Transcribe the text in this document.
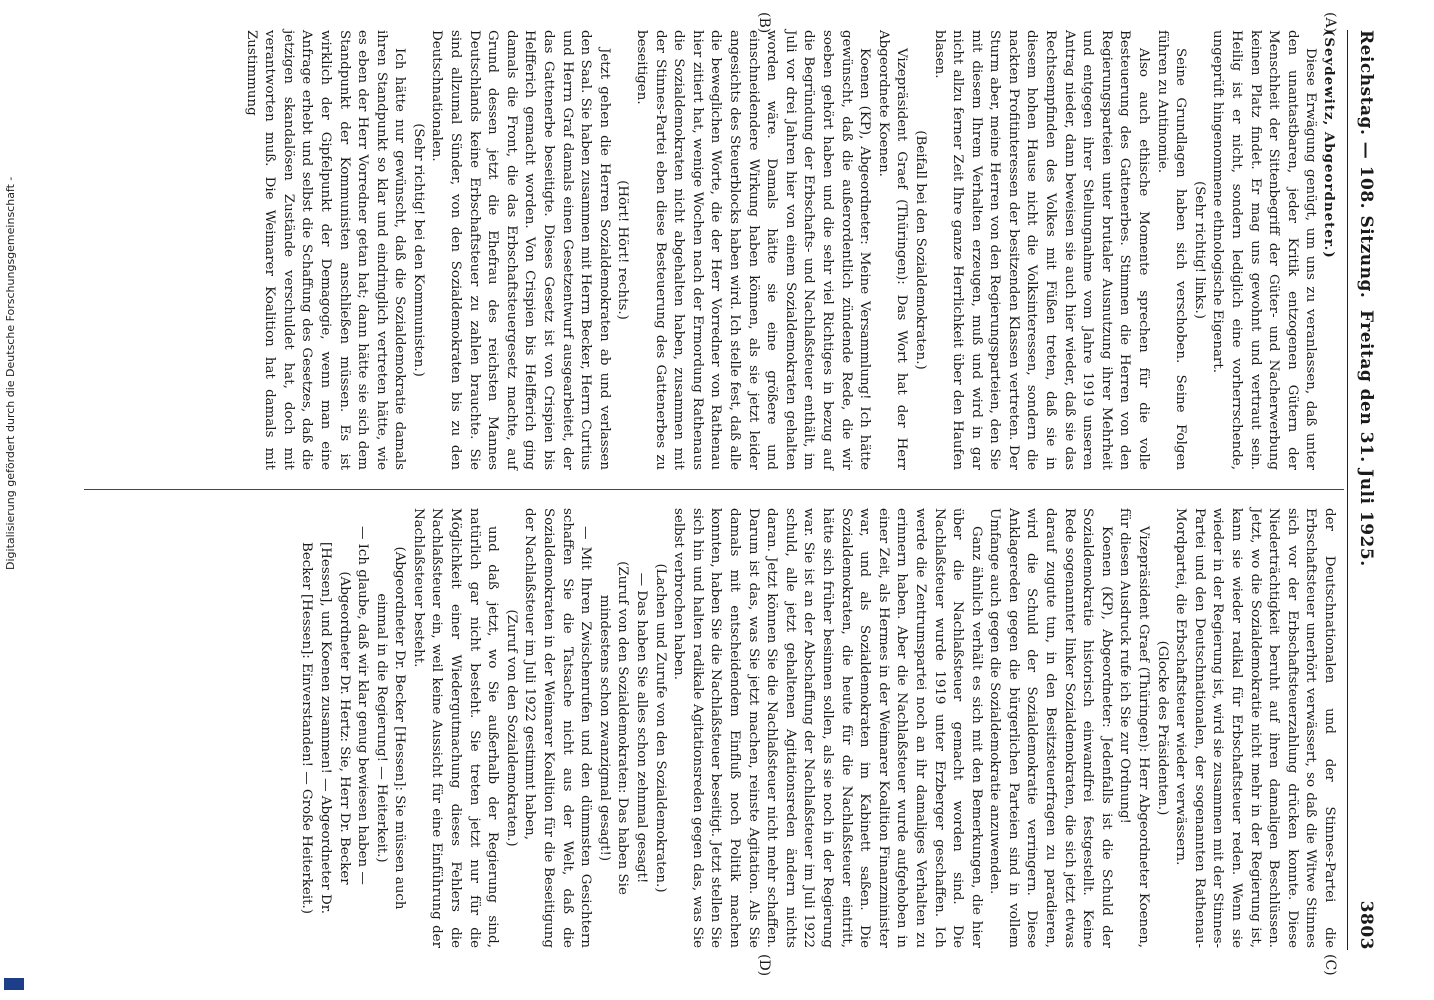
Reichstag. — 108. Sitzung.
Freitag den 31. Juli 1925.
3803
(A)
(B)
(C)
(D)

(Seydewitz, Abgeordneter.)

Diese Erwägung genügt, um uns zu veranlassen, daß unter den unantastbaren, jeder Kritik entzogenen Gütern der Menschheit der Sittenbegriff der Güter- und Nacherwerbung keinen Platz findet. Er mag uns gewohnt und vertraut sein. Heilig ist er nicht, sondern lediglich eine vorherrschende, ungeprüft hingenommene ethnologische Eigenart.

(Sehr richtig! links.)

Seine Grundlagen haben sich verschoben. Seine Folgen führen zu Antinomie.

Also auch ethische Momente sprechen für die volle Besteuerung des Gattenerbes. Stimmen die Herren von den Regierungsparteien unter brutaler Ausnutzung ihrer Mehrheit und entgegen ihrer Stellungnahme vom Jahre 1919 unseren Antrag nieder, dann beweisen sie auch hier wieder, daß sie das Rechtsempfinden des Volkes mit Füßen treten, daß sie in diesem hohen Hause nicht die Volksinteressen, sondern die nackten Profitinteressen der besitzenden Klassen vertreten. Der Sturm aber, meine Herren von den Regierungsparteien, den Sie mit diesem Ihrem Verhalten erzeugen, muß und wird in gar nicht allzu ferner Zeit Ihre ganze Herrlichkeit über den Haufen blasen.

(Beifall bei den Sozialdemokraten.)

Vizepräsident Graef (Thüringen): Das Wort hat der Herr Abgeordnete Koenen.

Koenen (KP), Abgeordneter: Meine Versammlung! Ich hätte gewünscht, daß die außerordentlich zündende Rede, die wir soeben gehört haben und die sehr viel Richtiges in bezug auf die Begründung der Erbschafts- und Nachlaßsteuer enthält, im Juli vor drei Jahren hier von einem Sozialdemokraten gehalten worden wäre. Damals hätte sie eine größere und einschneidendere Wirkung haben können, als sie jetzt leider angesichts des Steuerblocks haben wird. Ich stelle fest, daß alle die beweglichen Worte, die der Herr Vorredner von Rathenau hier zitiert hat, wenige Wochen nach der Ermordung Rathenaus die Sozialdemokraten nicht abgehalten haben, zusammen mit der Stinnes-Partei eben diese Besteuerung des Gattenerbes zu beseitigen.

(Hört! Hört! rechts.)

Jetzt gehen die Herren Sozialdemokraten ab und verlassen den Saal. Sie haben zusammen mit Herrn Becker, Herrn Curtius und Herrn Graf damals einen Gesetzentwurf ausgearbeitet, der das Gattenerbe beseitigte. Dieses Gesetz ist von Crispien bis Helfferich gemacht worden. Von Crispien bis Helfferich ging damals die Front, die das Erbschaftsteuergesetz machte, auf Grund dessen jetzt die Ehefrau des reichsten Mannes Deutschlands keine Erbschaftsteuer zu zahlen brauchte. Sie sind allzumal Sünder, von den Sozialdemokraten bis zu den Deutschnationalen.

(Sehr richtig! bei den Kommunisten.)

Ich hätte nur gewünscht, daß die Sozialdemokratie damals ihren Standpunkt so klar und eindringlich vertreten hätte, wie es eben der Herr Vorredner getan hat; dann hätte sie sich dem Standpunkt der Kommunisten anschließen müssen. Es ist wirklich der Gipfelpunkt der Demagogie, wenn man eine Anfrage erhebt und selbst die Schaffung des Gesetzes, daß die jetzigen skandalösen Zustände verschuldet hat, doch mit verantworten muß. Die Weimarer Koalition hat damals mit Zustimmung

der Deutschnationalen und der Stinnes-Partei die Erbschaftsteuer unerhört verwässert, so daß die Witwe Stinnes sich vor der Erbschaftsteuerzahlung drücken konnte. Diese Niederträchtigkeit beruht auf ihren damaligen Beschlüssen. Jetzt, wo die Sozialdemokratie nicht mehr in der Regierung ist, kann sie wieder radikal für Erbschaftsteuer reden. Wenn sie wieder in der Regierung ist, wird sie zusammen mit der Stinnes-Partei und den Deutschnationalen, der sogenannten Rathenau-Mordpartei, die Erbschaftsteuer wieder verwässern.

(Glocke des Präsidenten.)

Vizepräsident Graef (Thüringen): Herr Abgeordneter Koenen, für diesen Ausdruck rufe ich Sie zur Ordnung!

Koenen (KP), Abgeordneter: Jedenfalls ist die Schuld der Sozialdemokratie historisch einwandfrei festgestellt. Keine Rede sogenannter linker Sozialdemokraten, die sich jetzt etwas darauf zugute tun, in den Besitzsteuerfragen zu paradieren, wird die Schuld der Sozialdemokratie verringern. Diese Anklagereden gegen die bürgerlichen Parteien sind in vollem Umfange auch gegen die Sozialdemokratie anzuwenden.

Ganz ähnlich verhält es sich mit den Bemerkungen, die hier über die Nachlaßsteuer gemacht worden sind. Die Nachlaßsteuer wurde 1919 unter Erzberger geschaffen. Ich werde die Zentrumspartei noch an ihr damaliges Verhalten zu erinnern haben. Aber die Nachlaßsteuer wurde aufgehoben in einer Zeit, als Hermes in der Weimarer Koalition Finanzminister war, und als Sozialdemokraten im Kabinett saßen. Die Sozialdemokraten, die heute für die Nachlaßsteuer eintritt, hätte sich früher besinnen sollen, als sie noch in der Regierung war. Sie ist an der Abschaffung der Nachlaßsteuer im Juli 1922 schuld, alle jetzt gehaltenen Agitationsreden ändern nichts daran. Jetzt können Sie die Nachlaßsteuer nicht mehr schaffen. Darum ist das, was Sie jetzt machen, reinste Agitation. Als Sie damals mit entscheidendem Einfluß noch Politik machen konnten, haben Sie die Nachlaßsteuer beseitigt. Jetzt stellen Sie sich hin und halten radikale Agitationsreden gegen das, was Sie selbst verbrochen haben.

(Lachen und Zurufe von den Sozialdemokraten.)

— Das haben Sie alles schon zehnmal gesagt!

(Zuruf von den Sozialdemokraten: Das haben Sie mindestens schon zwanzigmal gesagt!)

— Mit Ihren Zwischenrufen und den dümmsten Gesichtern schaffen Sie die Tatsache nicht aus der Welt, daß die Sozialdemokraten in der Weimarer Koalition für die Beseitigung der Nachlaßsteuer im Juli 1922 gestimmt haben,

(Zuruf von den Sozialdemokraten.)

und daß jetzt, wo Sie außerhalb der Regierung sind, natürlich gar nicht besteht. Sie treten jetzt nur für die Möglichkeit einer Wiedergutmachung dieses Fehlers die Nachlaßsteuer ein, weil keine Aussicht für eine Einführung der Nachlaßsteuer besteht.

(Abgeordneter Dr. Becker [Hessen]: Sie müssen auch einmal in die Regierung! — Heiterkeit.)

— Ich glaube, daß wir klar genug bewiesen haben —

(Abgeordneter Dr. Hertz: Sie, Herr Dr. Becker [Hessen], und Koenen zusammen! — Abgeordneter Dr. Becker [Hessen]: Einverstanden! — Große Heiterkeit.)

Digitalisierung gefördert durch die Deutsche Forschungsgemeinschaft -
